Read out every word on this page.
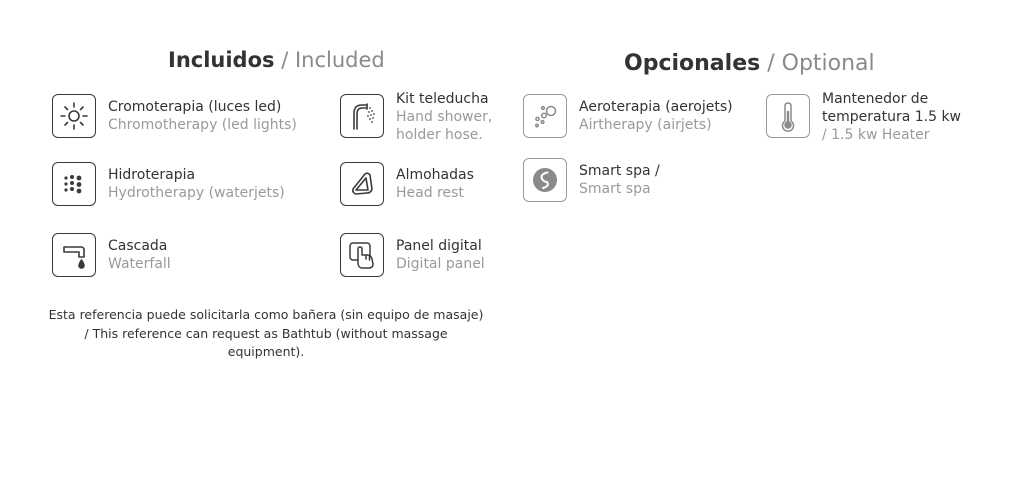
Incluidos / Included	Opcionales / Optional
Cromoterapia (luces led)
Chromotherapy (led lights)
Kit teleducha
Hand shower,
holder hose.
Hidroterapia
Hydrotherapy (waterjets)
Almohadas
Head rest
Cascada
Waterfall
Panel digital
Digital panel
Esta referencia puede solicitarla como bañera (sin equipo de masaje) / This reference can request as Bathtub (without massage equipment).
Aeroterapia (aerojets)
Airtherapy (airjets)
Mantenedor de
temperatura 1.5 kw
/ 1.5 kw Heater
Smart spa /
Smart spa
